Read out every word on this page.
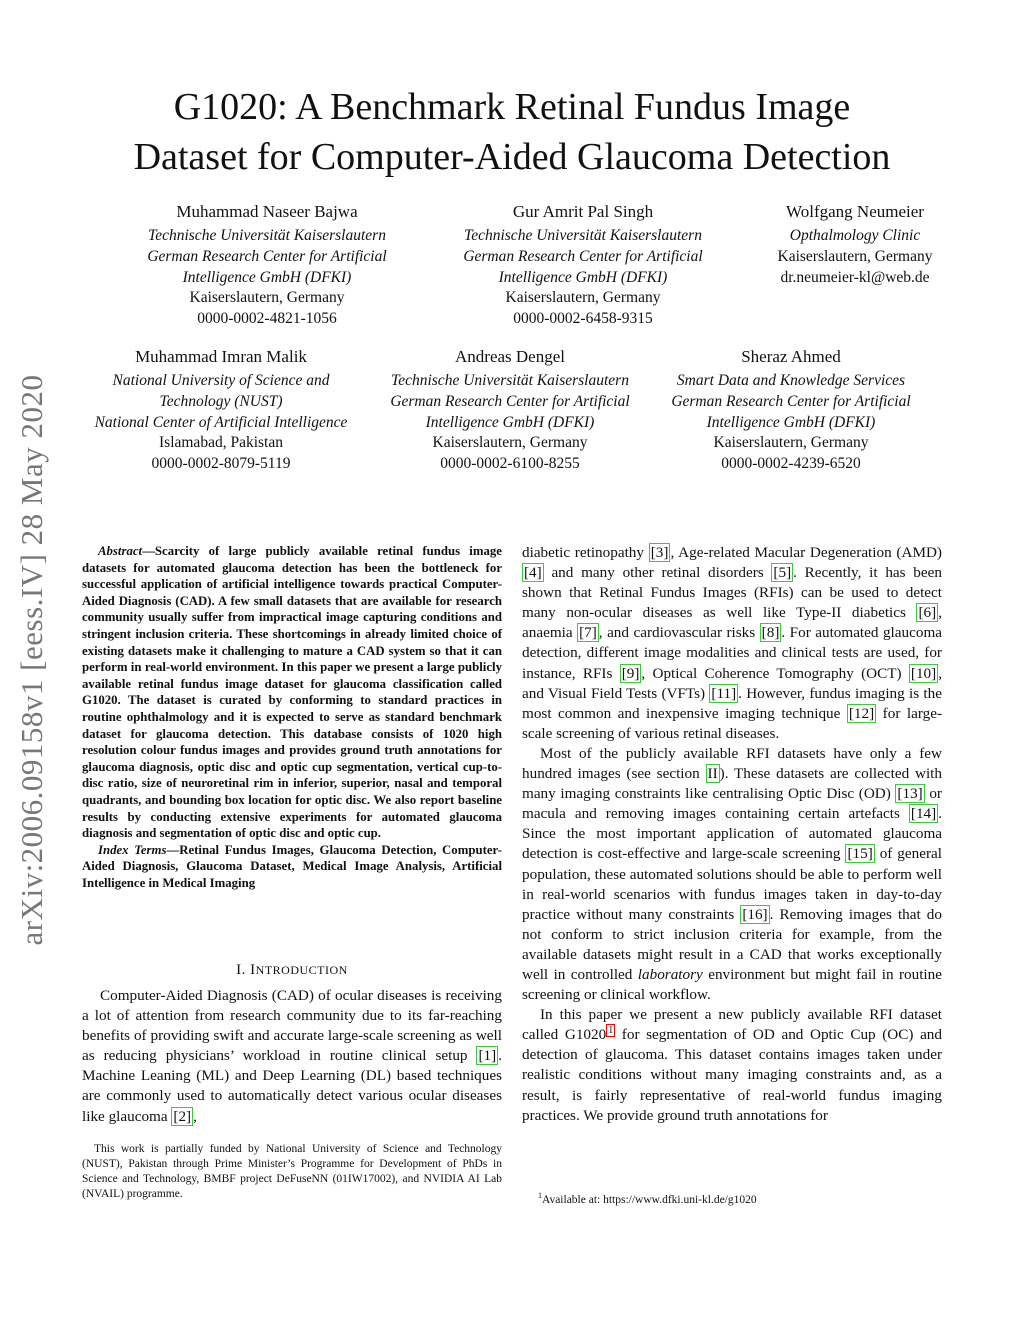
arXiv:2006.09158v1 [eess.IV] 28 May 2020
G1020: A Benchmark Retinal Fundus Image
Dataset for Computer-Aided Glaucoma Detection
Muhammad Naseer Bajwa
Technische Universität Kaiserslautern
German Research Center for Artificial
Intelligence GmbH (DFKI)
Kaiserslautern, Germany
0000-0002-4821-1056
Gur Amrit Pal Singh
Technische Universität Kaiserslautern
German Research Center for Artificial
Intelligence GmbH (DFKI)
Kaiserslautern, Germany
0000-0002-6458-9315
Wolfgang Neumeier
Opthalmology Clinic
Kaiserslautern, Germany
dr.neumeier-kl@web.de
Muhammad Imran Malik
National University of Science and
Technology (NUST)
National Center of Artificial Intelligence
Islamabad, Pakistan
0000-0002-8079-5119
Andreas Dengel
Technische Universität Kaiserslautern
German Research Center for Artificial
Intelligence GmbH (DFKI)
Kaiserslautern, Germany
0000-0002-6100-8255
Sheraz Ahmed
Smart Data and Knowledge Services
German Research Center for Artificial
Intelligence GmbH (DFKI)
Kaiserslautern, Germany
0000-0002-4239-6520

Abstract—Scarcity of large publicly available retinal fundus image datasets for automated glaucoma detection has been the bottleneck for successful application of artificial intelligence towards practical Computer-Aided Diagnosis (CAD). A few small datasets that are available for research community usually suffer from impractical image capturing conditions and stringent inclusion criteria. These shortcomings in already limited choice of existing datasets make it challenging to mature a CAD system so that it can perform in real-world environment. In this paper we present a large publicly available retinal fundus image dataset for glaucoma classification called G1020. The dataset is curated by conforming to standard practices in routine ophthalmology and it is expected to serve as standard benchmark dataset for glaucoma detection. This database consists of 1020 high resolution colour fundus images and provides ground truth annotations for glaucoma diagnosis, optic disc and optic cup segmentation, vertical cup-to-disc ratio, size of neuroretinal rim in inferior, superior, nasal and temporal quadrants, and bounding box location for optic disc. We also report baseline results by conducting extensive experiments for automated glaucoma diagnosis and segmentation of optic disc and optic cup.

Index Terms—Retinal Fundus Images, Glaucoma Detection, Computer-Aided Diagnosis, Glaucoma Dataset, Medical Image Analysis, Artificial Intelligence in Medical Imaging

I. INTRODUCTION

Computer-Aided Diagnosis (CAD) of ocular diseases is receiving a lot of attention from research community due to its far-reaching benefits of providing swift and accurate large-scale screening as well as reducing physicians’ workload in routine clinical setup [1] . Machine Leaning (ML) and Deep Learning (DL) based techniques are commonly used to automatically detect various ocular diseases like glaucoma [2] ,

This work is partially funded by National University of Science and Technology (NUST), Pakistan through Prime Minister’s Programme for Development of PhDs in Science and Technology, BMBF project DeFuseNN (01IW17002), and NVIDIA AI Lab (NVAIL) programme.

diabetic retinopathy [3] , Age-related Macular Degeneration (AMD) [4] and many other retinal disorders [5] . Recently, it has been shown that Retinal Fundus Images (RFIs) can be used to detect many non-ocular diseases as well like Type-II diabetics [6] , anaemia [7] , and cardiovascular risks [8] . For automated glaucoma detection, different image modalities and clinical tests are used, for instance, RFIs [9] , Optical Coherence Tomography (OCT) [10] , and Visual Field Tests (VFTs) [11] . However, fundus imaging is the most common and inexpensive imaging technique [12] for large-scale screening of various retinal diseases.

Most of the publicly available RFI datasets have only a few hundred images (see section II ). These datasets are collected with many imaging constraints like centralising Optic Disc (OD) [13] or macula and removing images containing certain artefacts [14] . Since the most important application of automated glaucoma detection is cost-effective and large-scale screening [15] of general population, these automated solutions should be able to perform well in real-world scenarios with fundus images taken in day-to-day practice without many constraints [16] . Removing images that do not conform to strict inclusion criteria for example, from the available datasets might result in a CAD that works exceptionally well in controlled laboratory environment but might fail in routine screening or clinical workflow.

In this paper we present a new publicly available RFI dataset called G1020 $^1$ for segmentation of OD and Optic Cup (OC) and detection of glaucoma. This dataset contains images taken under realistic conditions without many imaging constraints and, as a result, is fairly representative of real-world fundus imaging practices. We provide ground truth annotations for

$^1$Available at: https://www.dfki.uni-kl.de/g1020
